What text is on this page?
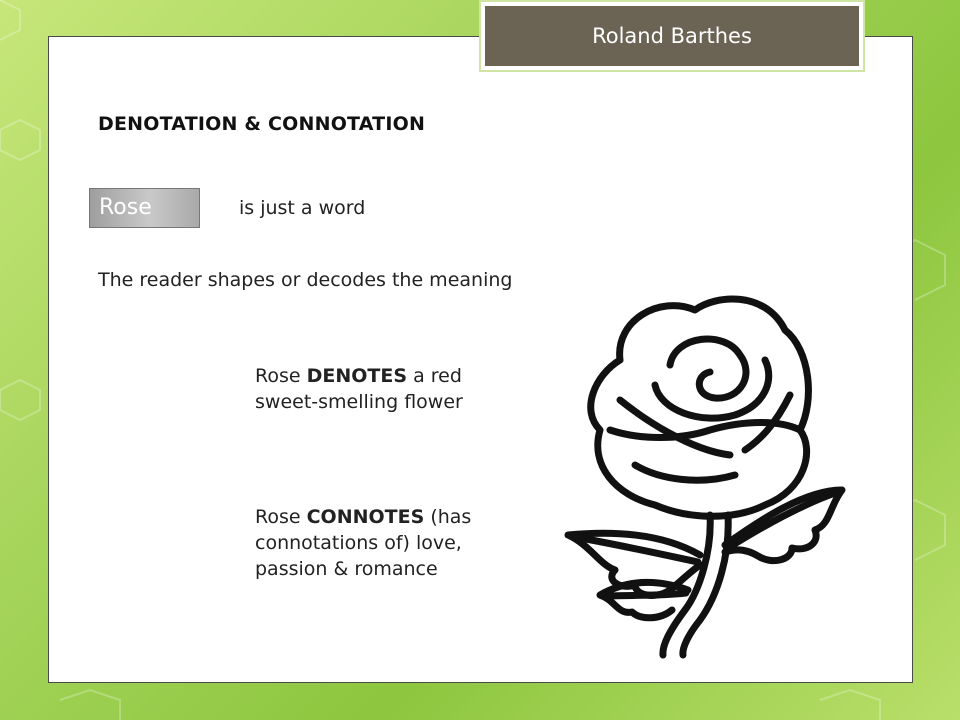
Roland Barthes
DENOTATION & CONNOTATION
Rose	is just a word
The reader shapes or decodes the meaning
Rose DENOTES a red sweet-smelling flower
Rose CONNOTES (has connotations of) love, passion & romance
